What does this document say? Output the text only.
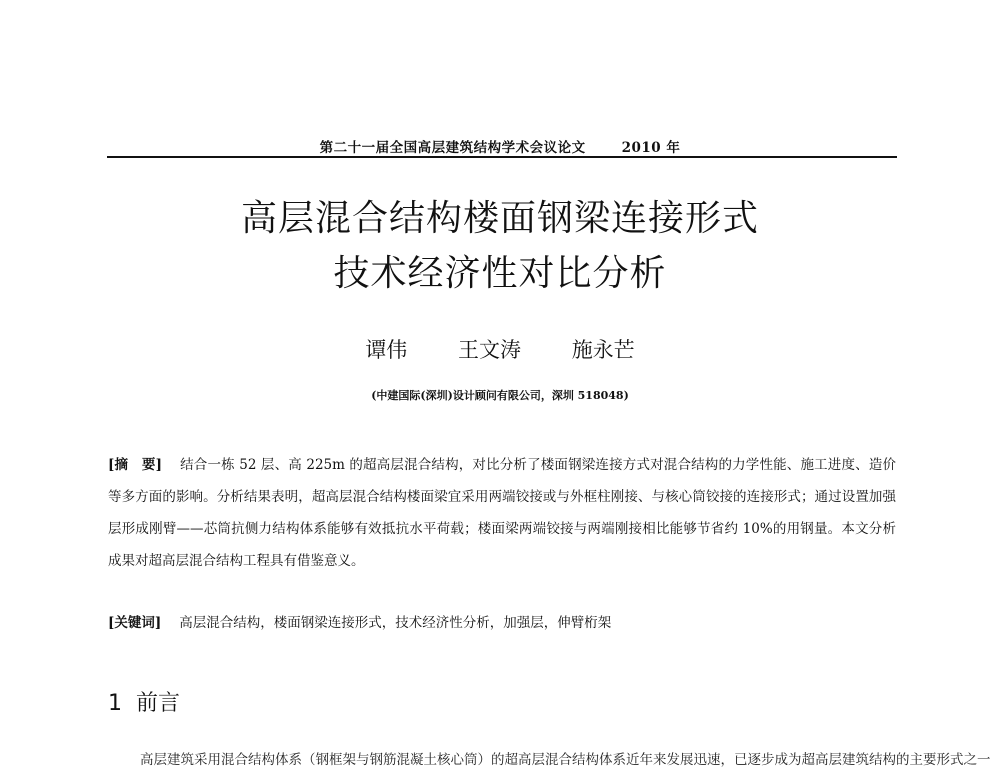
第二十一届全国高层建筑结构学术会议论文	2010 年
高层混合结构楼面钢梁连接形式
技术经济性对比分析
谭伟 王文涛 施永芒
(中建国际(深圳)设计顾问有限公司，深圳 518048)
[摘　要] 结合一栋 52 层、高 225m 的超高层混合结构，对比分析了楼面钢梁连接方式对混合结构的力学性能、施工进度、造价等多方面的影响。分析结果表明，超高层混合结构楼面梁宜采用两端铰接或与外框柱刚接、与核心筒铰接的连接形式；通过设置加强层形成刚臂——芯筒抗侧力结构体系能够有效抵抗水平荷载；楼面梁两端铰接与两端刚接相比能够节省约 10%的用钢量。本文分析成果对超高层混合结构工程具有借鉴意义。
[关键词] 高层混合结构，楼面钢梁连接形式，技术经济性分析，加强层，伸臂桁架
1 前言
高层建筑采用混合结构体系（钢框架与钢筋混凝土核心筒）的超高层混合结构体系近年来发展迅速，已逐步成为超高层建筑结构的主要形式之一
